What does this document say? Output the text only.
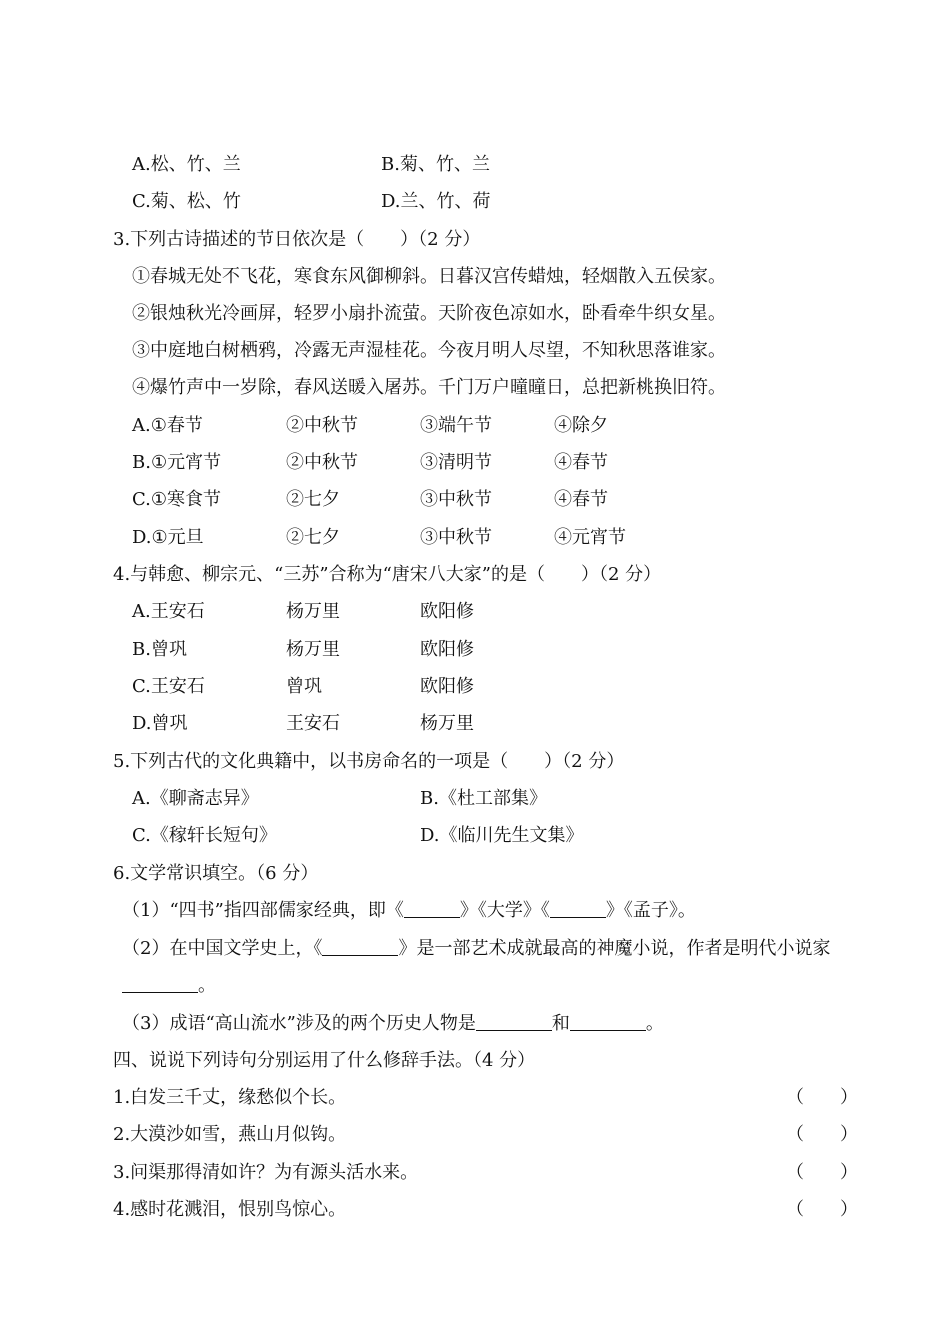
A.松、竹、兰	B.菊、竹、兰
C.菊、松、竹	D.兰、竹、荷
3.下列古诗描述的节日依次是（　　）（2 分）
①春城无处不飞花，寒食东风御柳斜。日暮汉宫传蜡烛，轻烟散入五侯家。
②银烛秋光冷画屏，轻罗小扇扑流萤。天阶夜色凉如水，卧看牵牛织女星。
③中庭地白树栖鸦，冷露无声湿桂花。今夜月明人尽望，不知秋思落谁家。
④爆竹声中一岁除，春风送暖入屠苏。千门万户曈曈日，总把新桃换旧符。
A.①春节	②中秋节	③端午节	④除夕
B.①元宵节	②中秋节	③清明节	④春节
C.①寒食节	②七夕	③中秋节	④春节
D.①元旦	②七夕	③中秋节	④元宵节
4.与韩愈、柳宗元、“三苏”合称为“唐宋八大家”的是（　　）（2 分）
A.王安石	杨万里	欧阳修
B.曾巩	杨万里	欧阳修
C.王安石	曾巩	欧阳修
D.曾巩	王安石	杨万里
5.下列古代的文化典籍中，以书房命名的一项是（　　）（2 分）
A.《聊斋志异》	B.《杜工部集》
C.《稼轩长短句》	D.《临川先生文集》
6.文学常识填空。（6 分）
（1）“四书”指四部儒家经典，即《	》《大学》《	》《孟子》。
（2）在中国文学史上，《	》是一部艺术成就最高的神魔小说，作者是明代小说家
。
（3）成语“高山流水”涉及的两个历史人物是	和	。
四、说说下列诗句分别运用了什么修辞手法。（4 分）
1.白发三千丈，缘愁似个长。	（　　）
2.大漠沙如雪，燕山月似钩。	（　　）
3.问渠那得清如许？为有源头活水来。	（　　）
4.感时花溅泪，恨别鸟惊心。	（　　）
